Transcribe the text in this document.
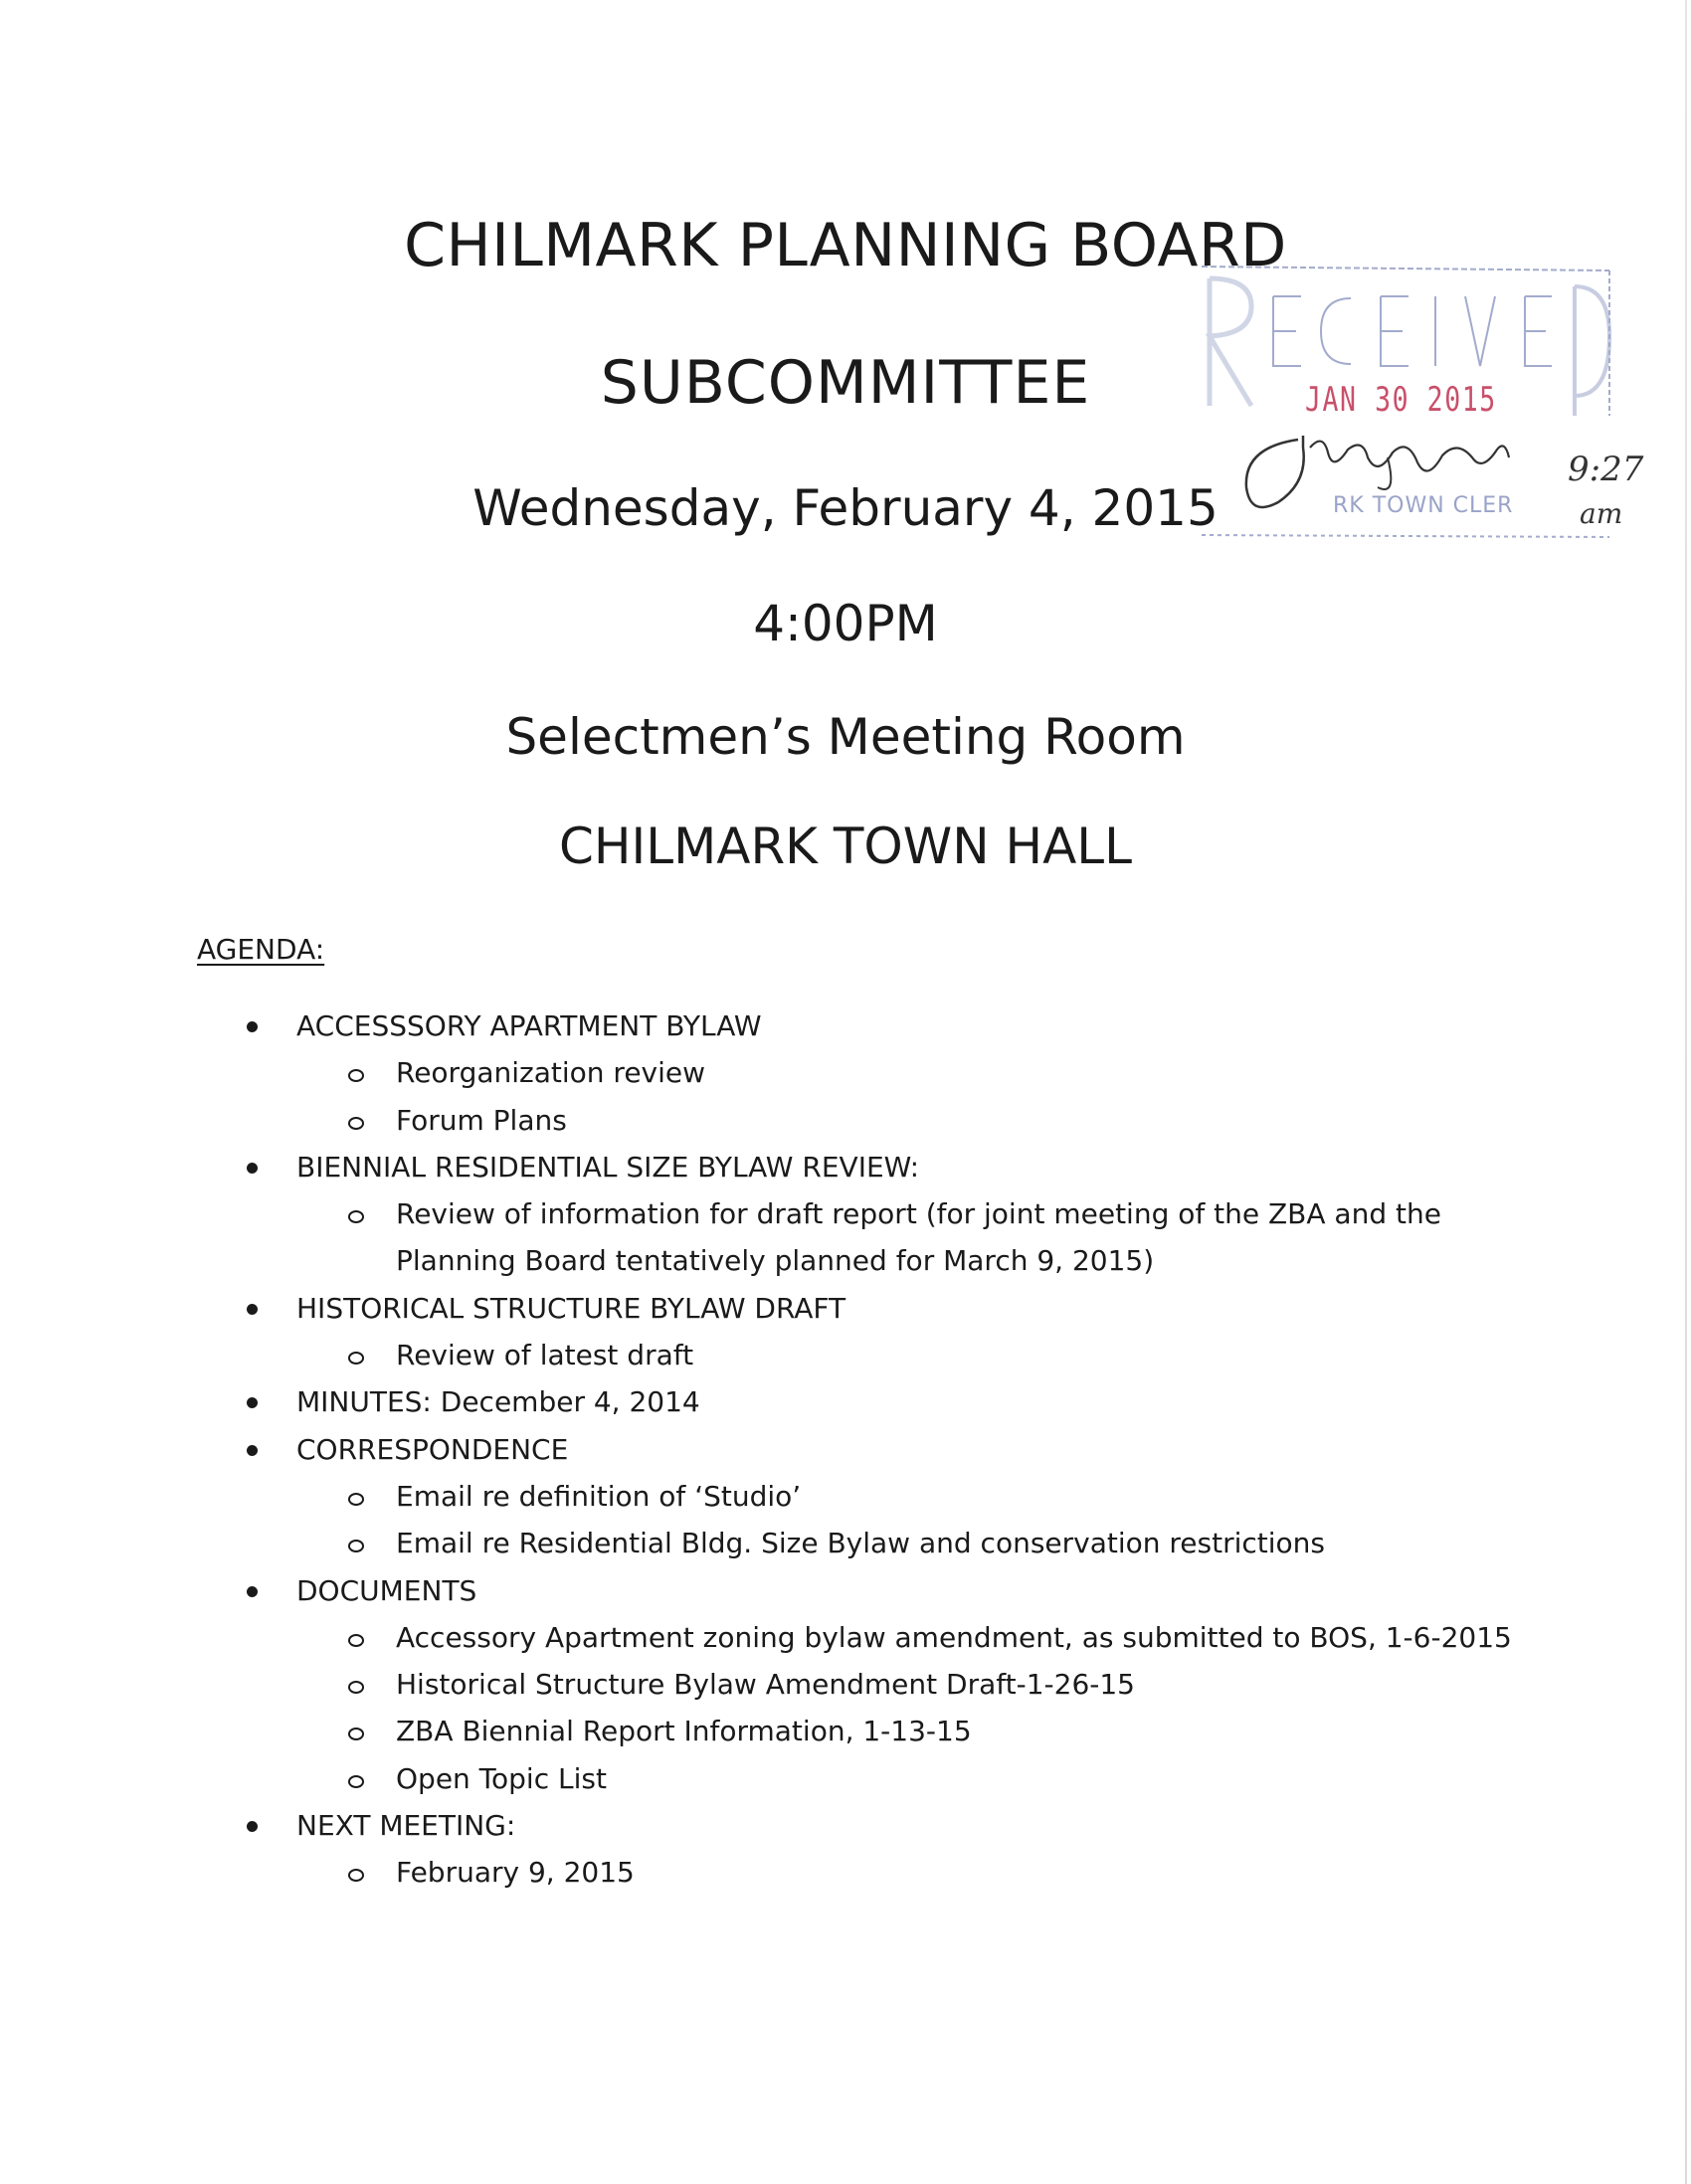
CHILMARK PLANNING BOARD
SUBCOMMITTEE
Wednesday, February 4, 2015
4:00PM
Selectmen’s Meeting Room
CHILMARK TOWN HALL
JAN 30 2015
RK TOWN CLER
9:27
am
AGENDA:
ACCESSSORY APARTMENT BYLAW
Reorganization review
Forum Plans
BIENNIAL RESIDENTIAL SIZE BYLAW REVIEW:
Review of information for draft report (for joint meeting of the ZBA and the Planning Board tentatively planned for March 9, 2015)
HISTORICAL STRUCTURE BYLAW DRAFT
Review of latest draft
MINUTES: December 4, 2014
CORRESPONDENCE
Email re definition of ‘Studio’
Email re Residential Bldg. Size Bylaw and conservation restrictions
DOCUMENTS
Accessory Apartment zoning bylaw amendment, as submitted to BOS, 1-6-2015
Historical Structure Bylaw Amendment Draft-1-26-15
ZBA Biennial Report Information, 1-13-15
Open Topic List
NEXT MEETING:
February 9, 2015
